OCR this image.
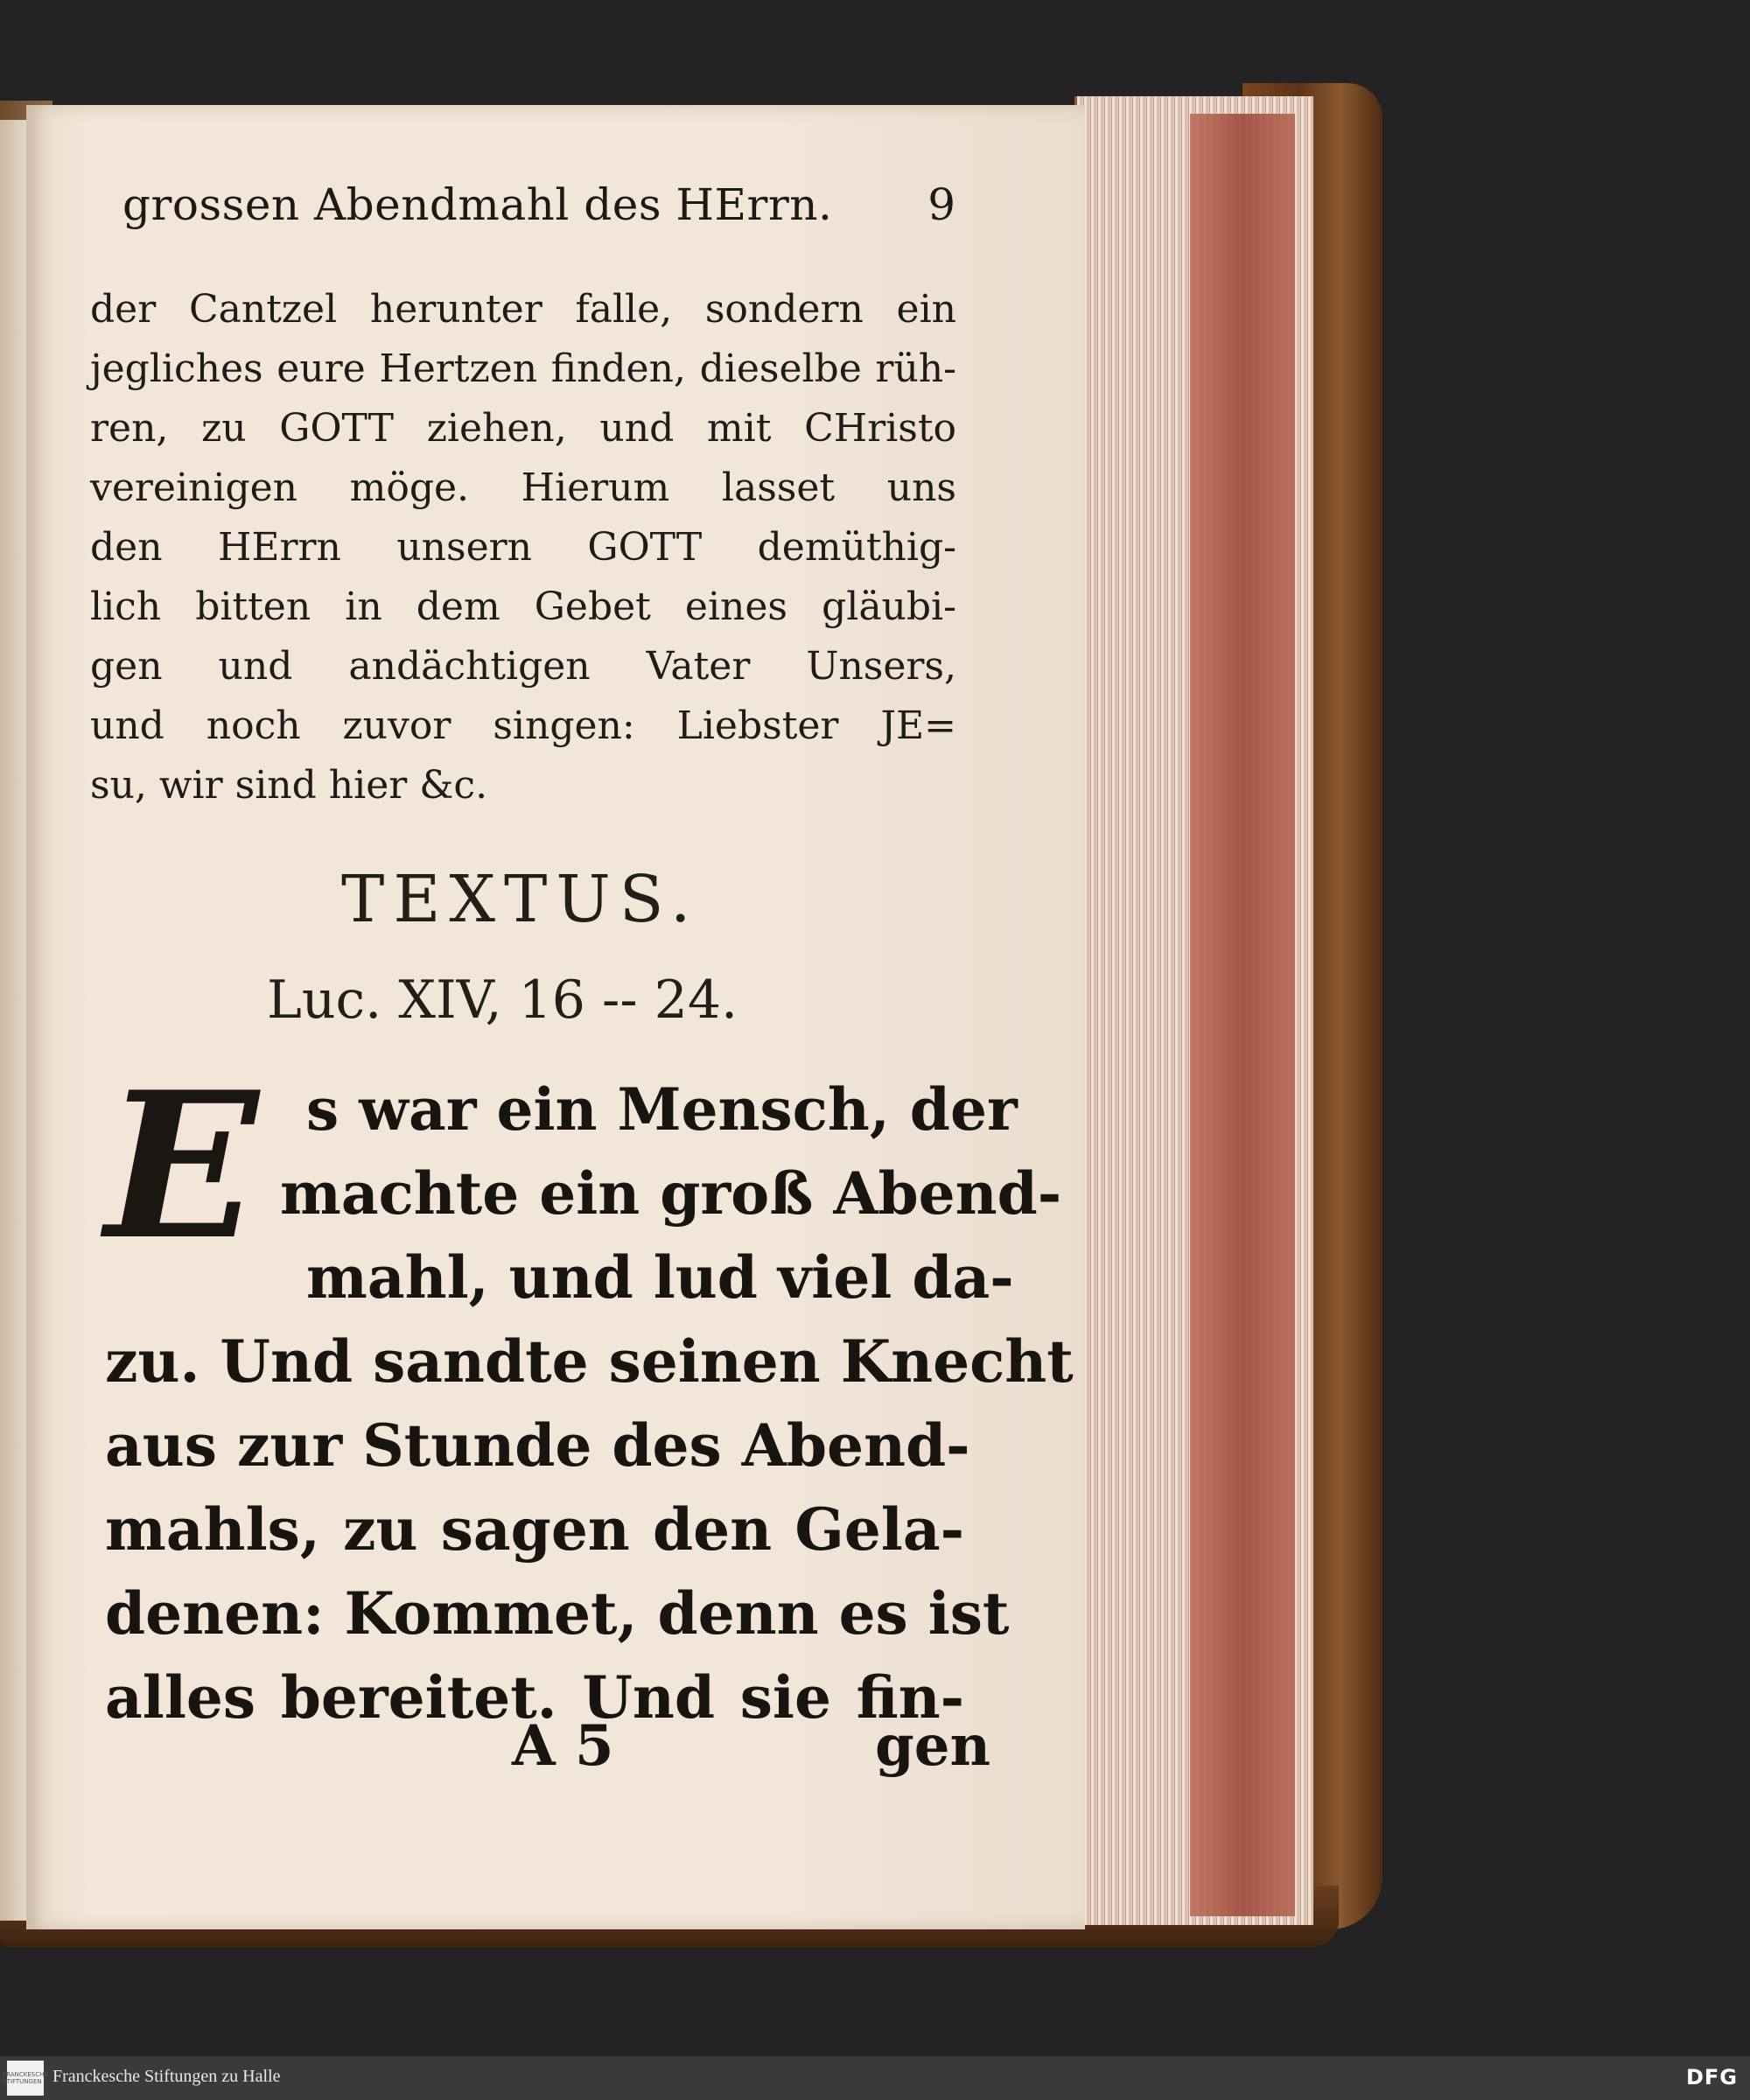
grossen Abendmahl des HErrn. 9
der Cantzel herunter falle, sondern ein
jegliches eure Hertzen finden, dieselbe rüh-
ren, zu GOTT ziehen, und mit CHristo
vereinigen möge. Hierum lasset uns
den HErrn unsern GOTT demüthig-
lich bitten in dem Gebet eines gläubi-
gen und andächtigen Vater Unsers,
und noch zuvor singen: Liebster JE=
su, wir sind hier &c.
TEXTUS.
Luc. XIV, 16 -- 24.
E s war ein Mensch, der
machte ein groß Abend-
mahl, und lud viel da-
zu. Und sandte seinen Knecht
aus zur Stunde des Abend-
mahls, zu sagen den Gela-
denen: Kommet, denn es ist
alles bereitet. Und sie fin-
A 5	gen
FRANCKESCHE STIFTUNGEN Franckesche Stiftungen zu Halle	DFG
